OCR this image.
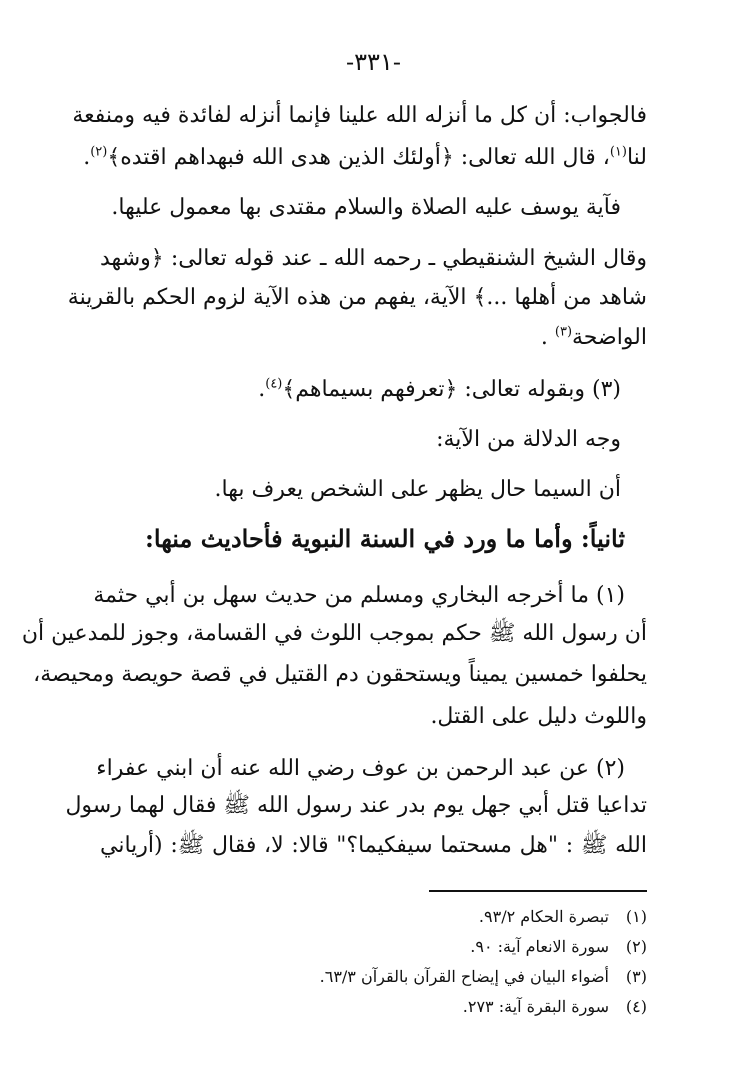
-٣٣١-
فالجواب: أن كل ما أنزله الله علينا فإنما أنزله لفائدة فيه ومنفعة
لنا$^{(١)}$، قال الله تعالى: ﴿أولئك الذين هدى الله فبهداهم اقتده﴾$^{(٢)}$.
فآية يوسف عليه الصلاة والسلام مقتدى بها معمول عليها.
وقال الشيخ الشنقيطي ـ رحمه الله ـ عند قوله تعالى: ﴿وشهد
شاهد من أهلها ...﴾ الآية، يفهم من هذه الآية لزوم الحكم بالقرينة
الواضحة$^{(٣)}$ .
(٣) وبقوله تعالى: ﴿تعرفهم بسيماهم﴾$^{(٤)}$.
وجه الدلالة من الآية:
أن السيما حال يظهر على الشخص يعرف بها.
ثانياً: وأما ما ورد في السنة النبوية فأحاديث منها:
(١) ما أخرجه البخاري ومسلم من حديث سهل بن أبي حثمة
أن رسول الله ﷺ حكم بموجب اللوث في القسامة، وجوز للمدعين أن
يحلفوا خمسين يميناً ويستحقون دم القتيل في قصة حويصة ومحيصة،
واللوث دليل على القتل.
(٢) عن عبد الرحمن بن عوف رضي الله عنه أن ابني عفراء
تداعيا قتل أبي جهل يوم بدر عند رسول الله ﷺ فقال لهما رسول
الله ﷺ : "هل مسحتما سيفكيما؟" قالا: لا، فقال ﷺ: (أرياني
(١)تبصرة الحكام ٩٣/٢.
(٢)سورة الانعام آية: ٩٠.
(٣)أضواء البيان في إيضاح القرآن بالقرآن ٦٣/٣.
(٤)سورة البقرة آية: ٢٧٣.
